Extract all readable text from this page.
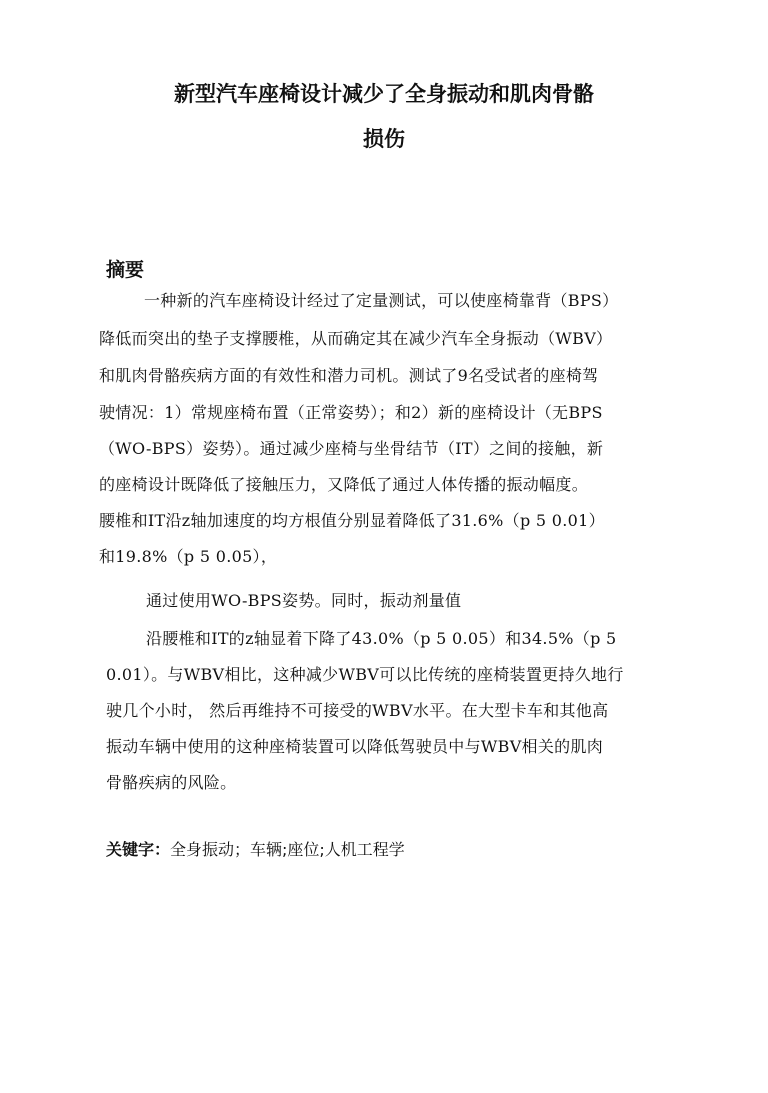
新型汽车座椅设计减少了全身振动和肌肉骨骼
损伤
摘要
一种新的汽车座椅设计经过了定量测试，可以使座椅靠背（BPS）
降低而突出的垫子支撑腰椎，从而确定其在减少汽车全身振动（WBV）
和肌肉骨骼疾病方面的有效性和潜力司机。测试了9名受试者的座椅驾
驶情况：1）常规座椅布置（正常姿势）；和2）新的座椅设计（无BPS
（WO-BPS）姿势）。通过减少座椅与坐骨结节（IT）之间的接触，新
的座椅设计既降低了接触压力，又降低了通过人体传播的振动幅度。
腰椎和IT沿z轴加速度的均方根值分别显着降低了31.6%（p 5 0.01）
和19.8%（p 5 0.05），
通过使用WO-BPS姿势。同时，振动剂量值
沿腰椎和IT的z轴显着下降了43.0%（p 5 0.05）和34.5%（p 5
0.01）。与WBV相比，这种减少WBV可以比传统的座椅装置更持久地行
驶几个小时， 然后再维持不可接受的WBV水平。在大型卡车和其他高
振动车辆中使用的这种座椅装置可以降低驾驶员中与WBV相关的肌肉
骨骼疾病的风险。
关键字：全身振动；车辆;座位;人机工程学
